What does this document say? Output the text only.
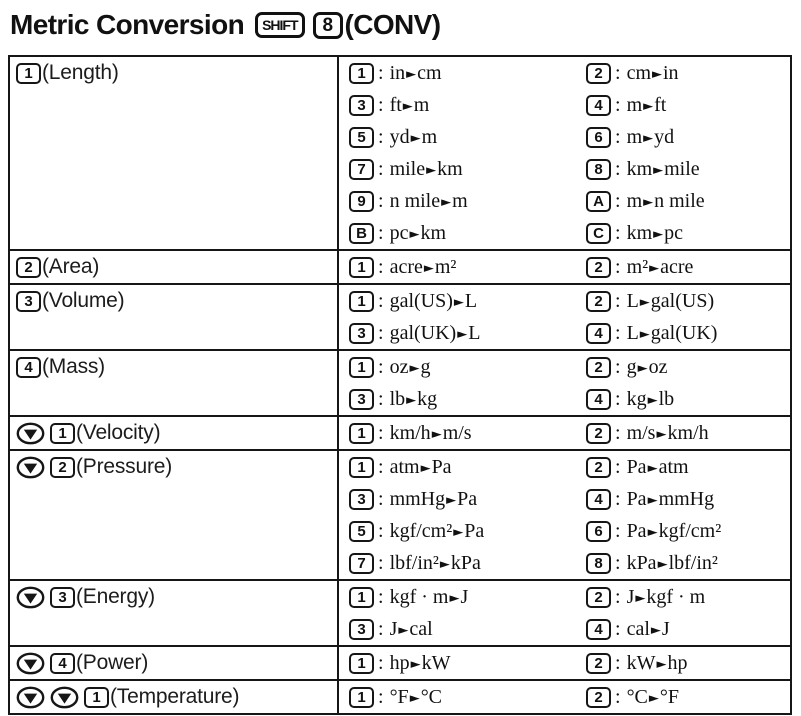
Metric Conversion	SHIFT	8 (CONV)
1 (Length)	1 : in►cm	2 : cm►in
3 : ft►m	4 : m►ft
5 : yd►m	6 : m►yd
7 : mile►km	8 : km►mile
9 : n mile►m	A : m►n mile
B : pc►km	C : km►pc

2 (Area)	1 : acre►m²	2 : m²►acre

3 (Volume)	1 : gal(US)►L	2 : L►gal(US)
3 : gal(UK)►L	4 : L►gal(UK)

4 (Mass)	1 : oz►g	2 : g►oz
3 : lb►kg	4 : kg►lb

1 (Velocity)	1 : km/h►m/s	2 : m/s►km/h

2 (Pressure)	1 : atm►Pa	2 : Pa►atm
3 : mmHg►Pa	4 : Pa►mmHg
5 : kgf/cm²►Pa	6 : Pa►kgf/cm²
7 : lbf/in²►kPa	8 : kPa►lbf/in²

3 (Energy)	1 : kgf · m►J	2 : J►kgf · m
3 : J►cal	4 : cal►J

4 (Power)	1 : hp►kW	2 : kW►hp

1 (Temperature)	1 : °F►°C	2 : °C►°F
